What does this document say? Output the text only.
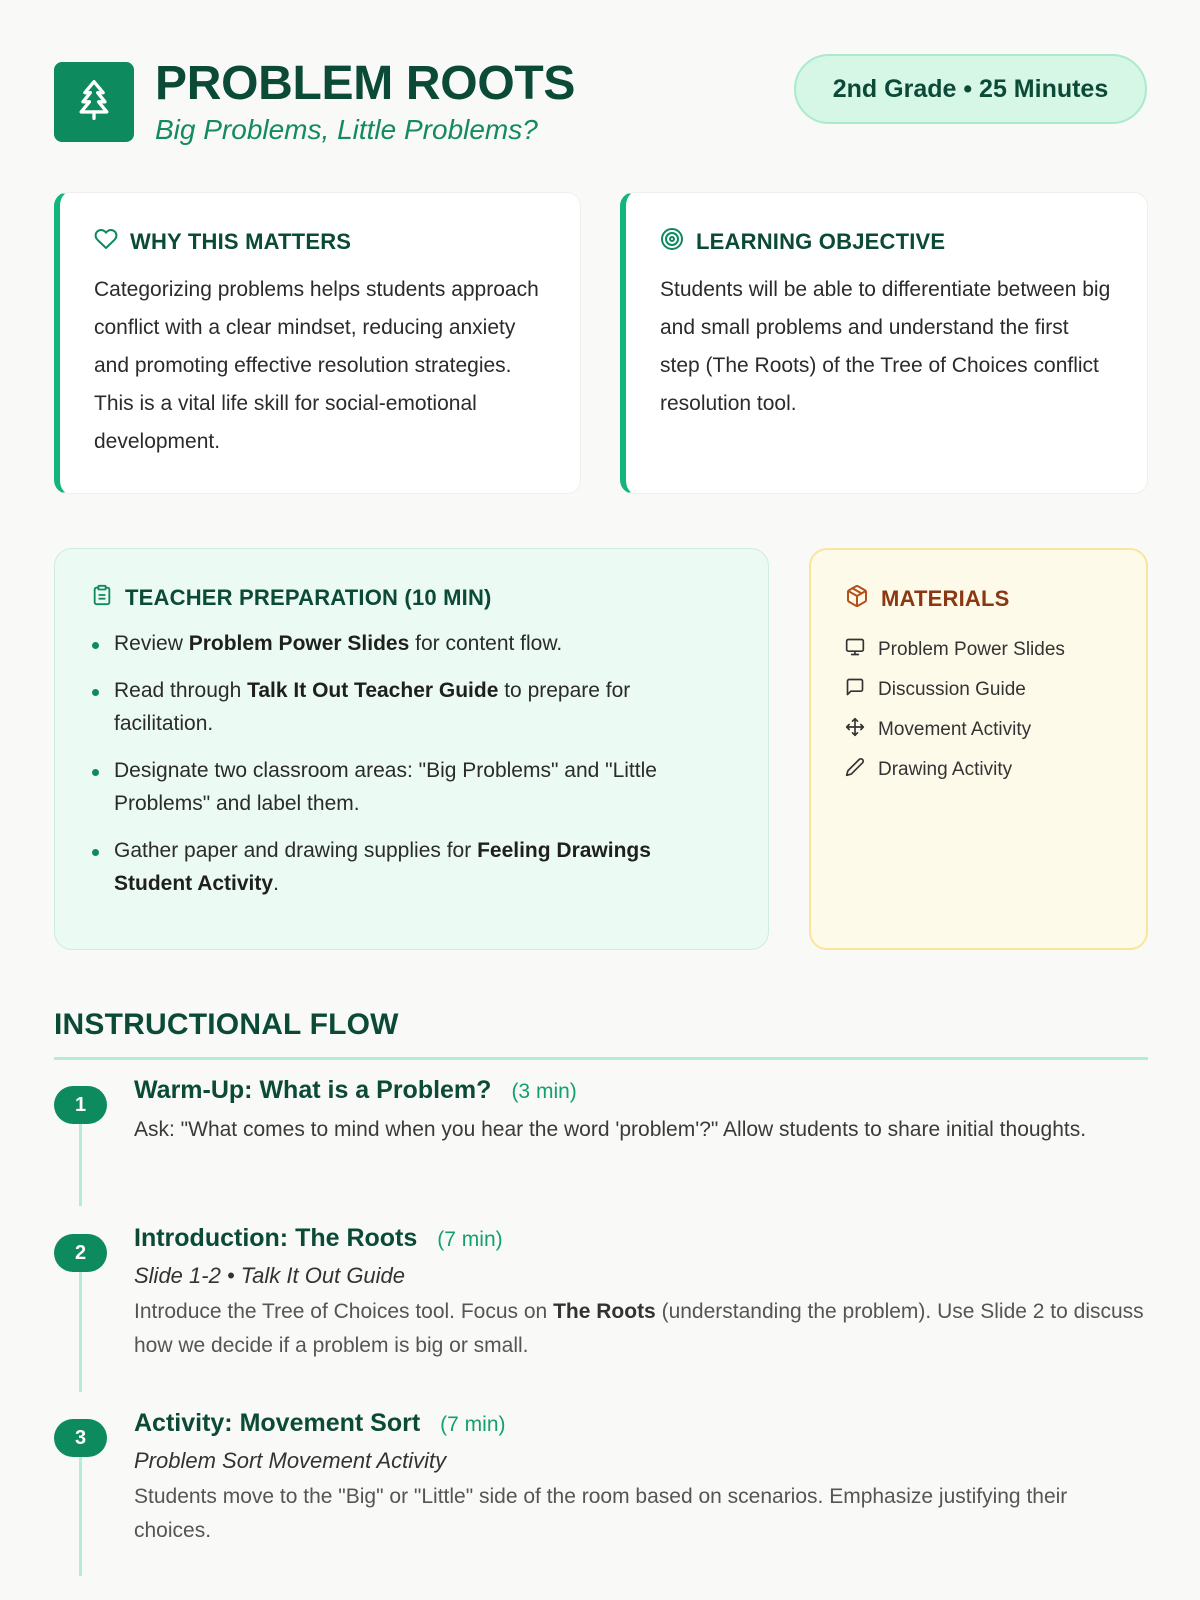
PROBLEM ROOTS
Big Problems, Little Problems?
2nd Grade • 25 Minutes
WHY THIS MATTERS

Categorizing problems helps students approach conflict with a clear mindset, reducing anxiety and promoting effective resolution strategies. This is a vital life skill for social-emotional development.

LEARNING OBJECTIVE

Students will be able to differentiate between big and small problems and understand the first step (The Roots) of the Tree of Choices conflict resolution tool.

TEACHER PREPARATION (10 MIN)
Review Problem Power Slides for content flow.
Read through Talk It Out Teacher Guide to prepare for facilitation.
Designate two classroom areas: "Big Problems" and "Little Problems" and label them.
Gather paper and drawing supplies for Feeling Drawings Student Activity.
MATERIALS
Problem Power Slides
Discussion Guide
Movement Activity
Drawing Activity
INSTRUCTIONAL FLOW
1
Warm-Up: What is a Problem? (3 min)

Ask: "What comes to mind when you hear the word 'problem'?" Allow students to share initial thoughts.

2
Introduction: The Roots (7 min)
Slide 1-2 • Talk It Out Guide

Introduce the Tree of Choices tool. Focus on The Roots (understanding the problem). Use Slide 2 to discuss how we decide if a problem is big or small.

3
Activity: Movement Sort (7 min)
Problem Sort Movement Activity

Students move to the "Big" or "Little" side of the room based on scenarios. Emphasize justifying their choices.
